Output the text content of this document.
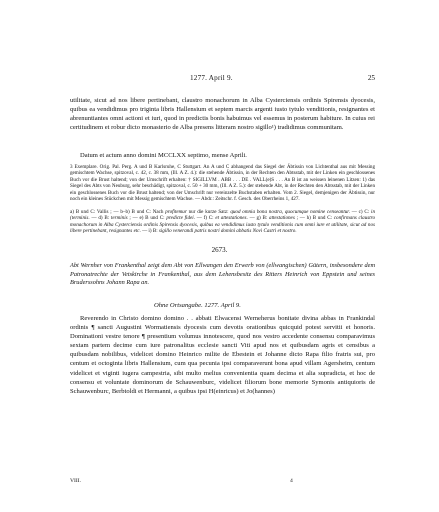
1277. April 9.	25

utilitate, sicut ad nos libere pertinebant, claustro monachorum in Alba Cysterciensis ordinis Spirensis dyocesis, quibus ea vendidimus pro triginta libris Hallensium et septem marcis argenti iusto tytulo venditionis, resignantes et abrenuntiantes omni actioni et iuri, quod in predictis bonis habuimus vel essemus in posterum habiture. In cuius rei certitudinem et robur dicto monasterio de Alba presens litteram nostro sigillo¹) tradidimus communitam.

Datum et actum anno domini MCCLXX septimo, mense Aprili.

3 Exemplare. Orig. Pal. Perg. A und B Karlsruhe, C Stuttgart. An A und C abhangend das Siegel der Äbtissin von Lichtenthal aus mit Messing gemischtem Wachse, spitzoval, c. 42, c. 38 mm, (Ill. A Z. 4.): die stehende Äbtissin, in der Rechten den Abtsstab, mit der Linken ein geschlossenes Buch vor die Brust haltend; von der Umschrift erhalten: † SIGILLVM . ABB . . . DE . VALL(e)S . . . An B ist an weissen leinenen Litzen: 1) das Siegel des Abts von Neuburg, sehr beschädigt, spitzoval, c. 50 + 30 mm, (Ill. A Z. 5.): der stehende Abt, in der Rechten den Abtsstab, mit der Linken ein geschlossenes Buch vor die Brust haltend; von der Umschrift nur vereinzelte Buchstaben erhalten. Vom 2. Siegel, demjenigen der Äbtissin, nur noch ein kleines Stückchen mit Messig gemischtem Wachse. — Abdr.: Zeitschr. f. Gesch. des Oberrheins 1, 427.

a) B und C: Vallis ; — b–b) B und C: Nach profitemur nur die kurze Satz: quod omnia bona nostra, quocumque nomine censeantur. — c) C: in (terminis. — d) B: terminis ; — e) B und C: predicte fidei. — f) C: et attestationes. — g) B: attestationes ; — h) B und C: confirmans claustro monachorum in Alba Cysterciensis ordinis Spirensis dyocesis, quibus ea vendidimus iusto tytulo venditionis cum omni iure et utilitate, sicut ad nos libere pertinebant, resignantes etc. — i) B: sigillo venerandi patris nostri domini abbatis Novi Castri et nostro.

2673.

Abt Wernher von Frankenthal zeigt dem Abt von Ellwangen den Erwerb von (ellwangischen) Gütern, insbesondere dem Patronatrechte der Vetskirche in Frankenthal, aus dem Lehensbesitz des Ritters Heinrich von Eppstein und seines Bruderssohns Johann Rapa an.

Ohne Ortsangabe. 1277. April 9.

Reverendo in Christo domino domino . . abbati Elwacensi Werneherus bonitate divina abbas in Frankindal ordinis ¶ sancti Augustini Wormatiensis dyocesis cum devotis orationibus quicquid potest servitii et honoris. Dominationi vestre tenore ¶ presentium volumus innotescere, quod nos vestro accedente consensu comparavimus sextam partem decime cum iure patronalitus ecclesie sancti Viti apud nos et quibusdam agris et censibus a quibusdam nobilibus, videlicet domino Heinrico milite de Ebestein et Johanne dicto Rapa filio fratris sui, pro centum et octoginta libris Hallensium, cum qua pecunia ipsi comparaverunt bona apud villam Agersheim, centum videlicet et viginti iugera campestria, sibi multo melius convenientia quam decima et alia supradicta, et hoc de consensu et voluntate dominorum de Schauwenburc, videlicet filiorum bone memorie Symonis antiquioris de Schauwenburc, Berbtoldi et Hermanni, a quibus ipsi H(einricus) et Jo(hannes)

VIII.	4
